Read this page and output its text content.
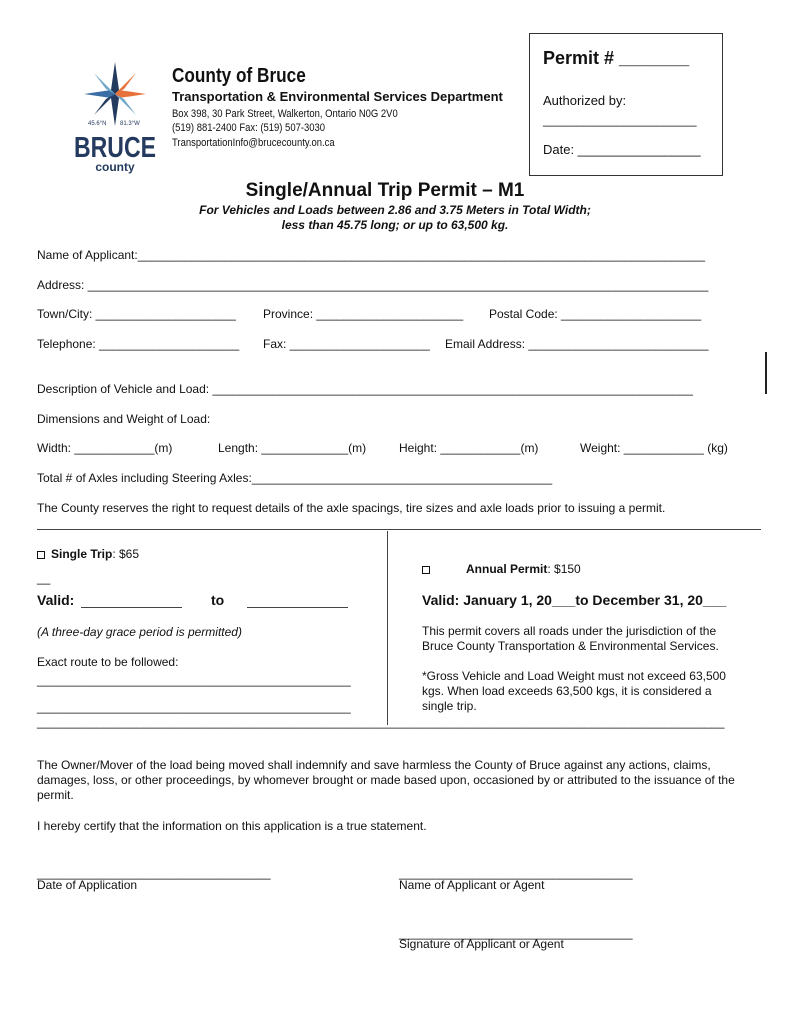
45.6°N 81.3°W
BRUCE
county
County of Bruce
Transportation & Environmental Services Department
Box 398, 30 Park Street, Walkerton, Ontario N0G 2V0
(519) 881-2400 Fax: (519) 507-3030
TransportationInfo@brucecounty.on.ca
Permit # _______
Authorized by:
_______________________
Date: _________________
Single/Annual Trip Permit – M1
For Vehicles and Loads between 2.86 and 3.75 Meters in Total Width;
less than 45.75 long; or up to 63,500 kg.
Name of Applicant:_____________________________________________________________________________________
Address: _____________________________________________________________________________________________
Town/City: _____________________ Province: ______________________ Postal Code: _____________________
Telephone: _____________________ Fax: _____________________ Email Address: ___________________________
Description of Vehicle and Load: ________________________________________________________________________
Dimensions and Weight of Load:
Width: ____________(m)	Length: _____________(m)	Height: ____________(m)	Weight: ____________ (kg)
Total # of Axles including Steering Axles:_____________________________________________
The County reserves the right to request details of the axle spacings, tire sizes and axle loads prior to issuing a permit.
Single Trip: $65
__
Valid:	to
(A three-day grace period is permitted)
Exact route to be followed:
_______________________________________________
_______________________________________________
Annual Permit: $150
Valid: January 1, 20___to December 31, 20___
This permit covers all roads under the jurisdiction of the Bruce County Transportation & Environmental Services.
*Gross Vehicle and Load Weight must not exceed 63,500 kgs. When load exceeds 63,500 kgs, it is considered a single trip.
_______________________________________________________________________________________________________
The Owner/Mover of the load being moved shall indemnify and save harmless the County of Bruce against any actions, claims, damages, loss, or other proceedings, by whomever brought or made based upon, occasioned by or attributed to the issuance of the permit.
I hereby certify that the information on this application is a true statement.
___________________________________
Date of Application
___________________________________
Name of Applicant or Agent
___________________________________
Signature of Applicant or Agent
